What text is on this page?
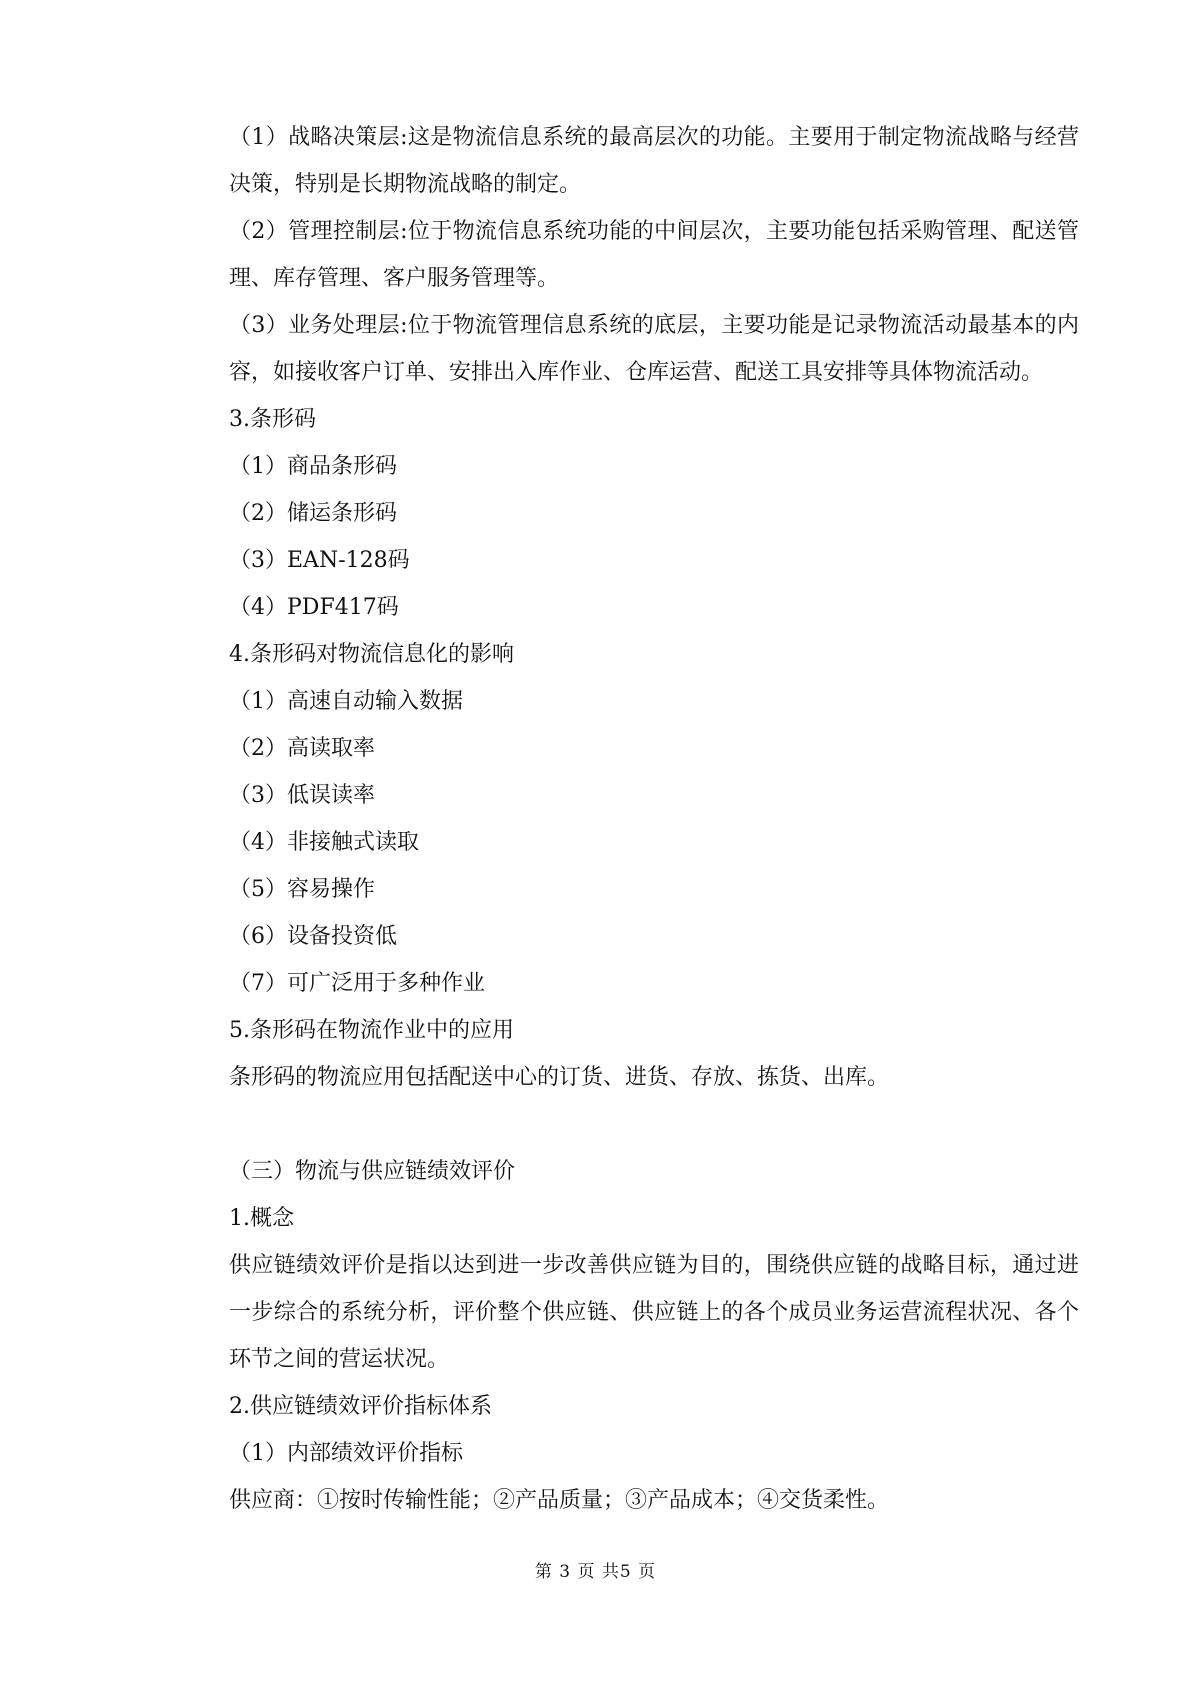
（1）战略决策层:这是物流信息系统的最高层次的功能。主要用于制定物流战略与经营决策，特别是长期物流战略的制定。

（2）管理控制层:位于物流信息系统功能的中间层次，主要功能包括采购管理、配送管理、库存管理、客户服务管理等。

（3）业务处理层:位于物流管理信息系统的底层，主要功能是记录物流活动最基本的内容，如接收客户订单、安排出入库作业、仓库运营、配送工具安排等具体物流活动。

3.条形码

（1）商品条形码

（2）储运条形码

（3）EAN-128码

（4）PDF417码

4.条形码对物流信息化的影响

（1）高速自动输入数据

（2）高读取率

（3）低误读率

（4）非接触式读取

（5）容易操作

（6）设备投资低

（7）可广泛用于多种作业

5.条形码在物流作业中的应用

条形码的物流应用包括配送中心的订货、进货、存放、拣货、出库。

（三）物流与供应链绩效评价

1.概念

供应链绩效评价是指以达到进一步改善供应链为目的，围绕供应链的战略目标，通过进一步综合的系统分析，评价整个供应链、供应链上的各个成员业务运营流程状况、各个环节之间的营运状况。

2.供应链绩效评价指标体系

（1）内部绩效评价指标

供应商：①按时传输性能；②产品质量；③产品成本；④交货柔性。

第 3 页 共5 页
